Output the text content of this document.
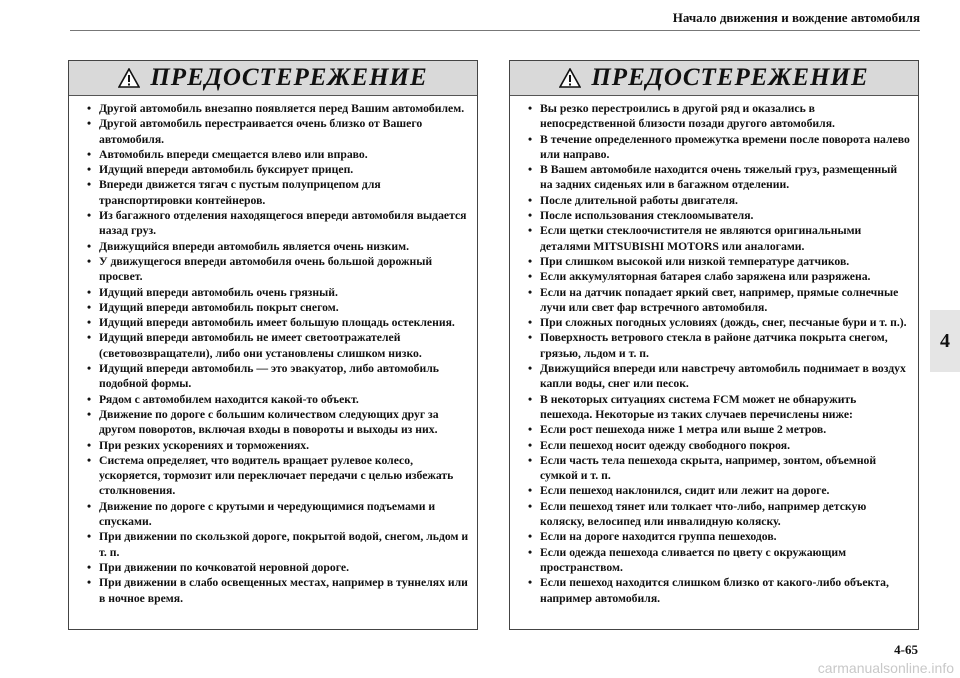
Начало движения и вождение автомобиля
4
ПРЕДОСТЕРЕЖЕНИЕ
• Другой автомобиль внезапно появляется перед Вашим автомобилем.
• Другой автомобиль перестраивается очень близко от Вашего автомобиля.
• Автомобиль впереди смещается влево или вправо.
• Идущий впереди автомобиль буксирует прицеп.
• Впереди движется тягач с пустым полуприцепом для транспортировки контейнеров.
• Из багажного отделения находящегося впереди автомобиля выдается назад груз.
• Движущийся впереди автомобиль является очень низким.
• У движущегося впереди автомобиля очень большой дорожный просвет.
• Идущий впереди автомобиль очень грязный.
• Идущий впереди автомобиль покрыт снегом.
• Идущий впереди автомобиль имеет большую площадь остекления.
• Идущий впереди автомобиль не имеет светоотражателей (световозвращатели), либо они установлены слишком низко.
• Идущий впереди автомобиль — это эвакуатор, либо автомобиль подобной формы.
• Рядом с автомобилем находится какой-то объект.
• Движение по дороге с большим количеством следующих друг за другом поворотов, включая входы в повороты и выходы из них.
• При резких ускорениях и торможениях.
• Система определяет, что водитель вращает рулевое колесо, ускоряется, тормозит или переключает передачи с целью избежать столкновения.
• Движение по дороге с крутыми и чередующимися подъемами и спусками.
• При движении по скользкой дороге, покрытой водой, снегом, льдом и т. п.
• При движении по кочковатой неровной дороге.
• При движении в слабо освещенных местах, например в туннелях или в ночное время.
ПРЕДОСТЕРЕЖЕНИЕ
• Вы резко перестроились в другой ряд и оказались в непосредственной близости позади другого автомобиля.
• В течение определенного промежутка времени после поворота налево или направо.
• В Вашем автомобиле находится очень тяжелый груз, размещенный на задних сиденьях или в багажном отделении.
• После длительной работы двигателя.
• После использования стеклоомывателя.
• Если щетки стеклоочистителя не являются оригинальными деталями MITSUBISHI MOTORS или аналогами.
• При слишком высокой или низкой температуре датчиков.
• Если аккумуляторная батарея слабо заряжена или разряжена.
• Если на датчик попадает яркий свет, например, прямые солнечные лучи или свет фар встречного автомобиля.
• При сложных погодных условиях (дождь, снег, песчаные бури и т. п.).
• Поверхность ветрового стекла в районе датчика покрыта снегом, грязью, льдом и т. п.
• Движущийся впереди или навстречу автомобиль поднимает в воздух капли воды, снег или песок.
• В некоторых ситуациях система FCM может не обнаружить пешехода. Некоторые из таких случаев перечислены ниже:
• Если рост пешехода ниже 1 метра или выше 2 метров.
• Если пешеход носит одежду свободного покроя.
• Если часть тела пешехода скрыта, например, зонтом, объемной сумкой и т. п.
• Если пешеход наклонился, сидит или лежит на дороге.
• Если пешеход тянет или толкает что-либо, например детскую коляску, велосипед или инвалидную коляску.
• Если на дороге находится группа пешеходов.
• Если одежда пешехода сливается по цвету с окружающим пространством.
• Если пешеход находится слишком близко от какого-либо объекта, например автомобиля.
4-65
carmanualsonline.info
